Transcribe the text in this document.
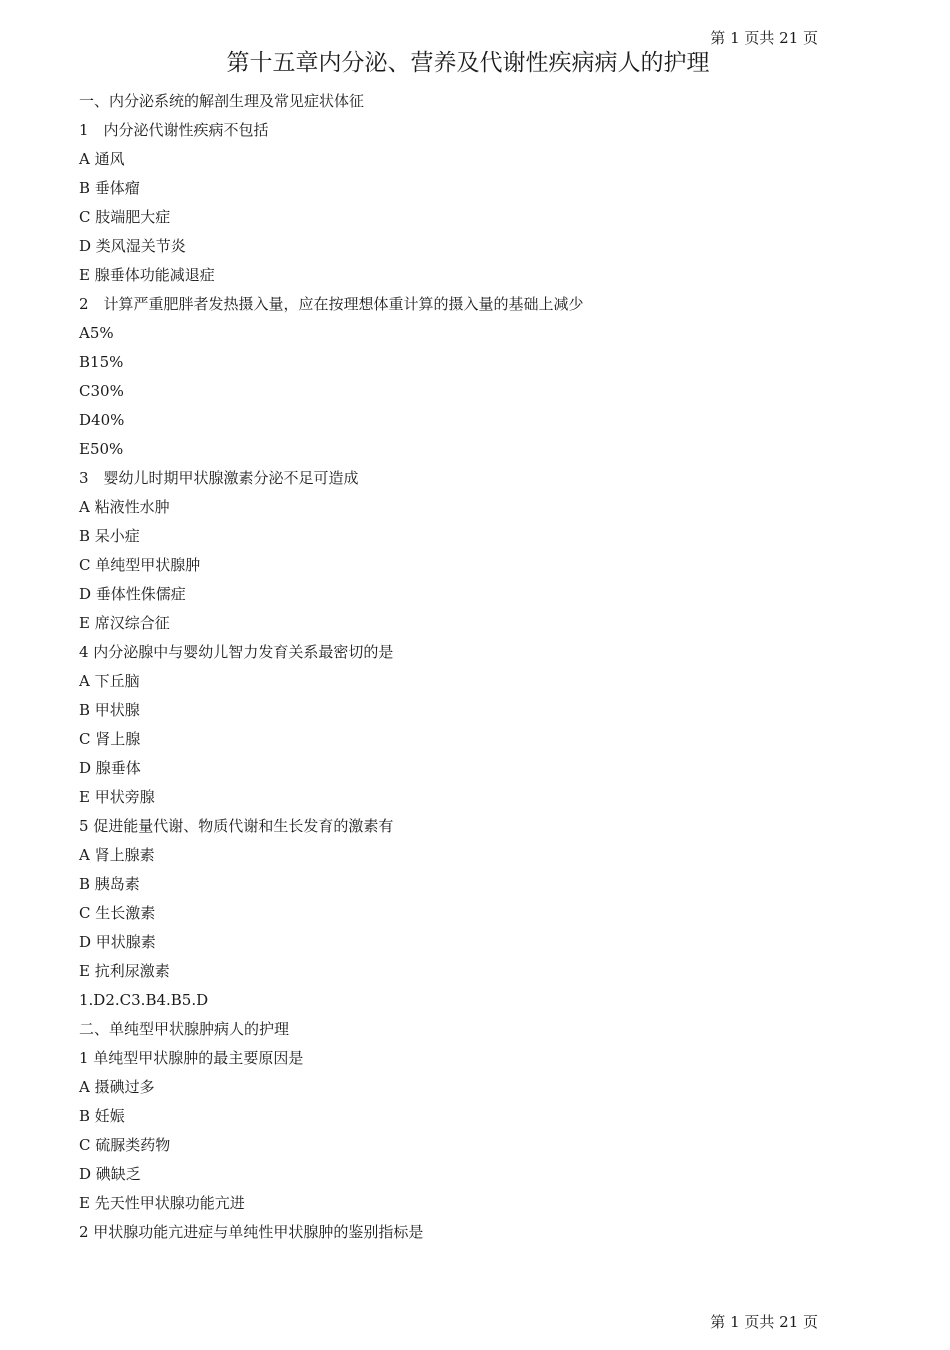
第 1 页共 21 页
第十五章内分泌、营养及代谢性疾病病人的护理
一、内分泌系统的解剖生理及常见症状体征
1　内分泌代谢性疾病不包括
A 通风
B 垂体瘤
C 肢端肥大症
D 类风湿关节炎
E 腺垂体功能减退症
2　计算严重肥胖者发热摄入量，应在按理想体重计算的摄入量的基础上减少
A5%
B15%
C30%
D40%
E50%
3　婴幼儿时期甲状腺激素分泌不足可造成
A 粘液性水肿
B 呆小症
C 单纯型甲状腺肿
D 垂体性侏儒症
E 席汉综合征
4 内分泌腺中与婴幼儿智力发育关系最密切的是
A 下丘脑
B 甲状腺
C 肾上腺
D 腺垂体
E 甲状旁腺
5 促进能量代谢、物质代谢和生长发育的激素有
A 肾上腺素
B 胰岛素
C 生长激素
D 甲状腺素
E 抗利尿激素
1.D2.C3.B4.B5.D
二、单纯型甲状腺肿病人的护理
1 单纯型甲状腺肿的最主要原因是
A 摄碘过多
B 妊娠
C 硫脲类药物
D 碘缺乏
E 先天性甲状腺功能亢进
2 甲状腺功能亢进症与单纯性甲状腺肿的鉴别指标是
第 1 页共 21 页
